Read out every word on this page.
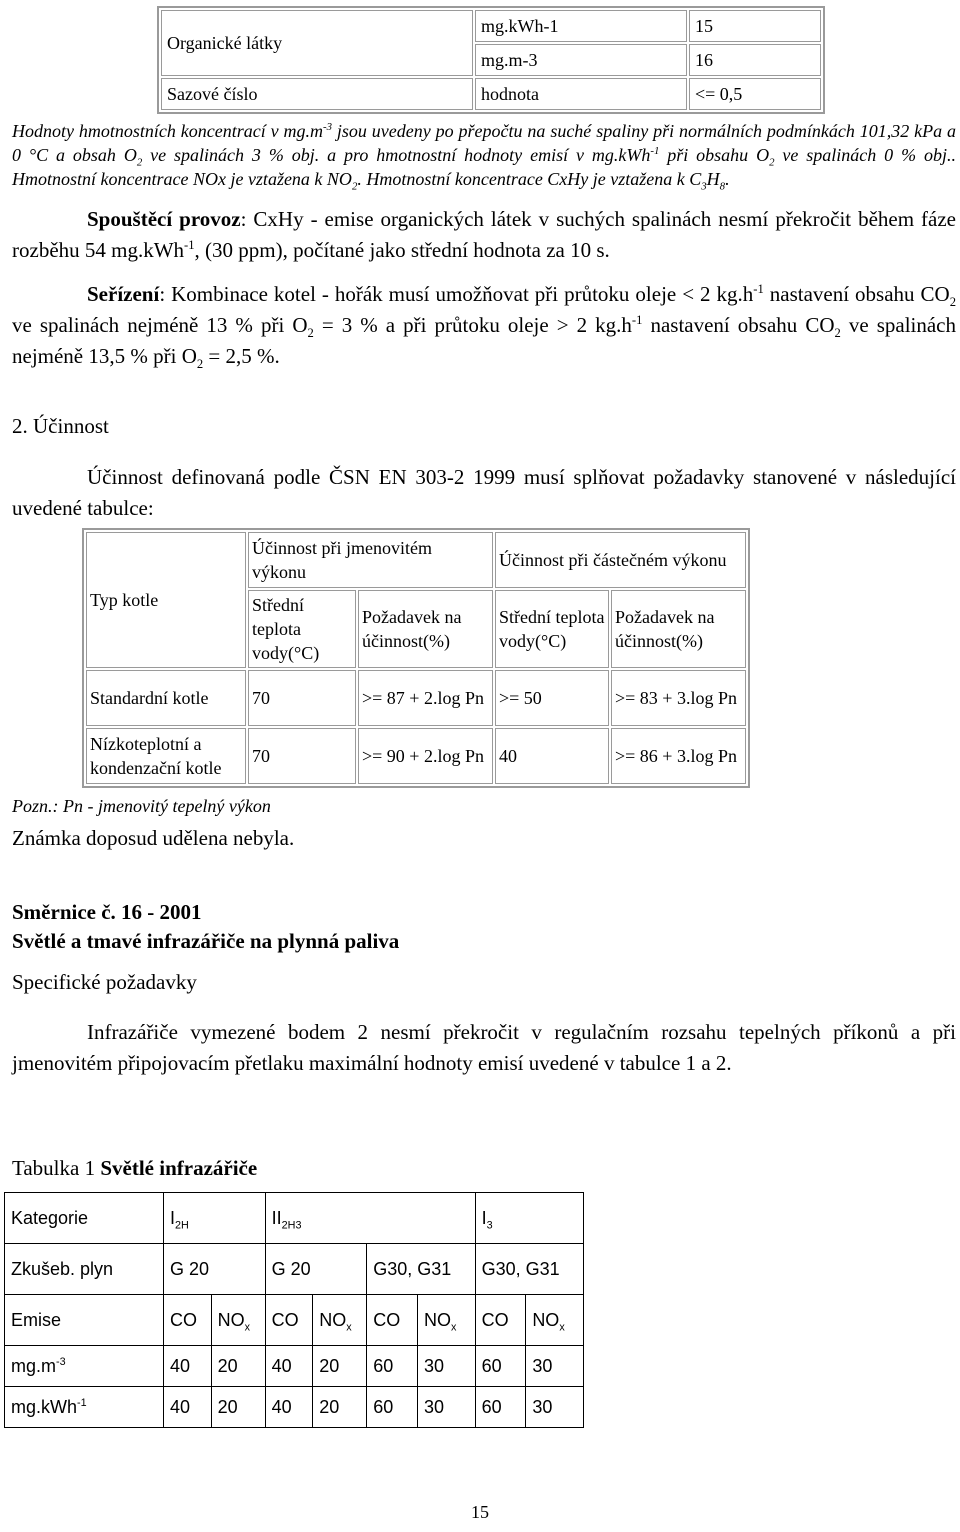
Organické látky	mg.kWh-1	15
	mg.m-3	16
Sazové číslo	hodnota	<= 0,5
Hodnoty hmotnostních koncentrací v $mg.m^{-3}$ jsou uvedeny po přepočtu na suché spaliny při normálních podmínkách 101,32 kPa a 0 °C a obsah $O_2$ ve spalinách 3 % obj. a pro hmotnostní hodnoty emisí v mg.kWh$^{-1}$ při obsahu $O_2$ ve spalinách 0 % obj.. Hmotnostní koncentrace NOx je vztažena k $NO_2$. Hmotnostní koncentrace CxHy je vztažena k $C_3H_8$.
Spouštěcí provoz: CxHy - emise organických látek v suchých spalinách nesmí překročit během fáze rozběhu 54 mg.kWh$^{-1}$, (30 ppm), počítané jako střední hodnota za 10 s.
Seřízení: Kombinace kotel - hořák musí umožňovat při průtoku oleje < 2 $kg.h^{-1}$ nastavení obsahu $CO_2$ ve spalinách nejméně 13 % při $O_2 = 3$ % a při průtoku oleje > 2 $kg.h^{-1}$ nastavení obsahu $CO_2$ ve spalinách nejméně 13,5 % při $O_2 = 2,5$ %.
2. Účinnost
Účinnost definovaná podle ČSN EN 303-2 1999 musí splňovat požadavky stanovené v následující uvedené tabulce:
Typ kotle	Účinnost při jmenovitém výkonu		Účinnost při částečném výkonu	
	Střední teplota vody(°C)	Požadavek na účinnost(%)	Střední teplota vody(°C)	Požadavek na účinnost(%)
Standardní kotle	70	>= 87 + 2.log Pn	>= 50	>= 83 + 3.log Pn
Nízkoteplotní a kondenzační kotle	70	>= 90 + 2.log Pn	40	>= 86 + 3.log Pn
Pozn.: Pn - jmenovitý tepelný výkon
Známka doposud udělena nebyla.
Směrnice č. 16 - 2001
Světlé a tmavé infrazářiče na plynná paliva
Specifické požadavky
Infrazářiče vymezené bodem 2 nesmí překročit v regulačním rozsahu tepelných příkonů a při jmenovitém připojovacím přetlaku maximální hodnoty emisí uvedené v tabulce 1 a 2.
Tabulka 1 Světlé infrazářiče
Kategorie	$I_{2H}$		$II_{2H3}$				$I_3$
Zkušeb. plyn	G 20		G 20		G30, G31		G30, G31	
Emise	CO	$NO_x$	CO	$NO_x$	CO	$NO_x$	CO	$NO_x$
$mg.m^{-3}$	40	20	40	20	60	30	60	30
mg.kWh$^{-1}$	40	20	40	20	60	30	60	30
15
